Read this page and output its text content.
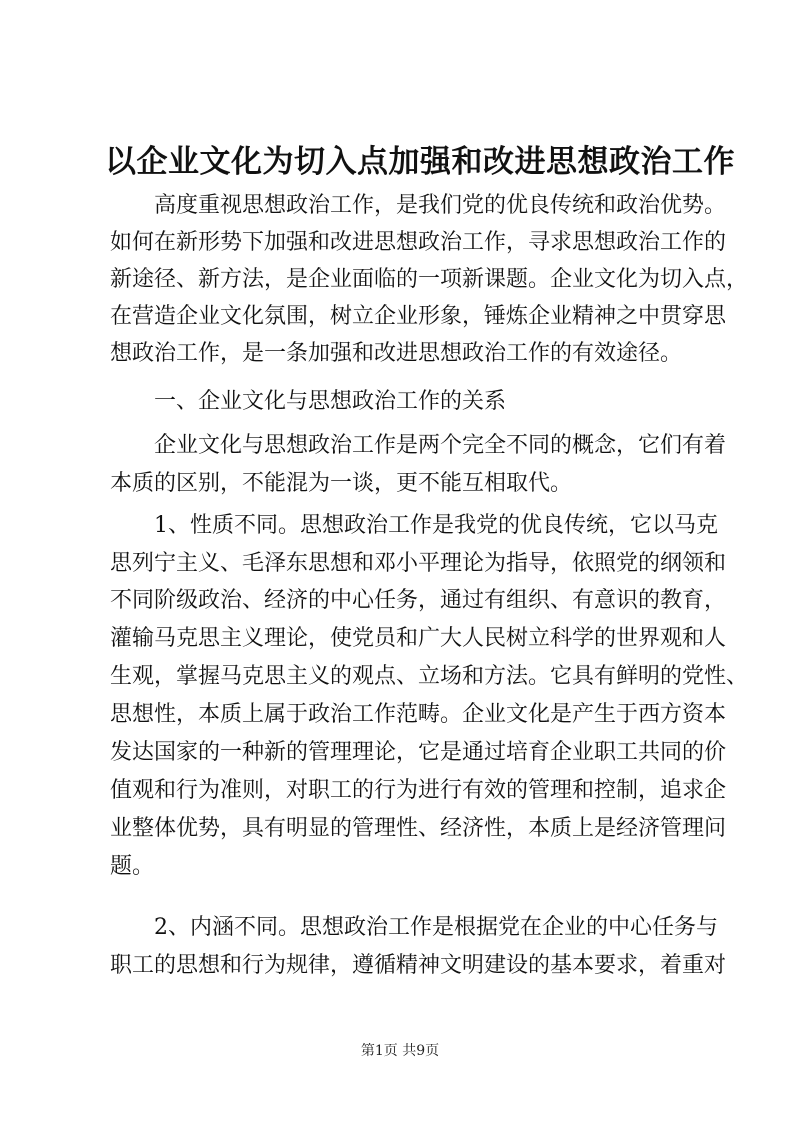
以企业文化为切入点加强和改进思想政治工作
　　高度重视思想政治工作，是我们党的优良传统和政治优势。
如何在新形势下加强和改进思想政治工作，寻求思想政治工作的
新途径、新方法，是企业面临的一项新课题。企业文化为切入点，
在营造企业文化氛围，树立企业形象，锤炼企业精神之中贯穿思
想政治工作，是一条加强和改进思想政治工作的有效途径。
　　一、企业文化与思想政治工作的关系
　　企业文化与思想政治工作是两个完全不同的概念，它们有着
本质的区别，不能混为一谈，更不能互相取代。
　　1、性质不同。思想政治工作是我党的优良传统，它以马克
思列宁主义、毛泽东思想和邓小平理论为指导，依照党的纲领和
不同阶级政治、经济的中心任务，通过有组织、有意识的教育，
灌输马克思主义理论，使党员和广大人民树立科学的世界观和人
生观，掌握马克思主义的观点、立场和方法。它具有鲜明的党性、
思想性，本质上属于政治工作范畴。企业文化是产生于西方资本
发达国家的一种新的管理理论，它是通过培育企业职工共同的价
值观和行为准则，对职工的行为进行有效的管理和控制，追求企
业整体优势，具有明显的管理性、经济性，本质上是经济管理问
题。
　　2、内涵不同。思想政治工作是根据党在企业的中心任务与
职工的思想和行为规律，遵循精神文明建设的基本要求，着重对
第1页 共9页
